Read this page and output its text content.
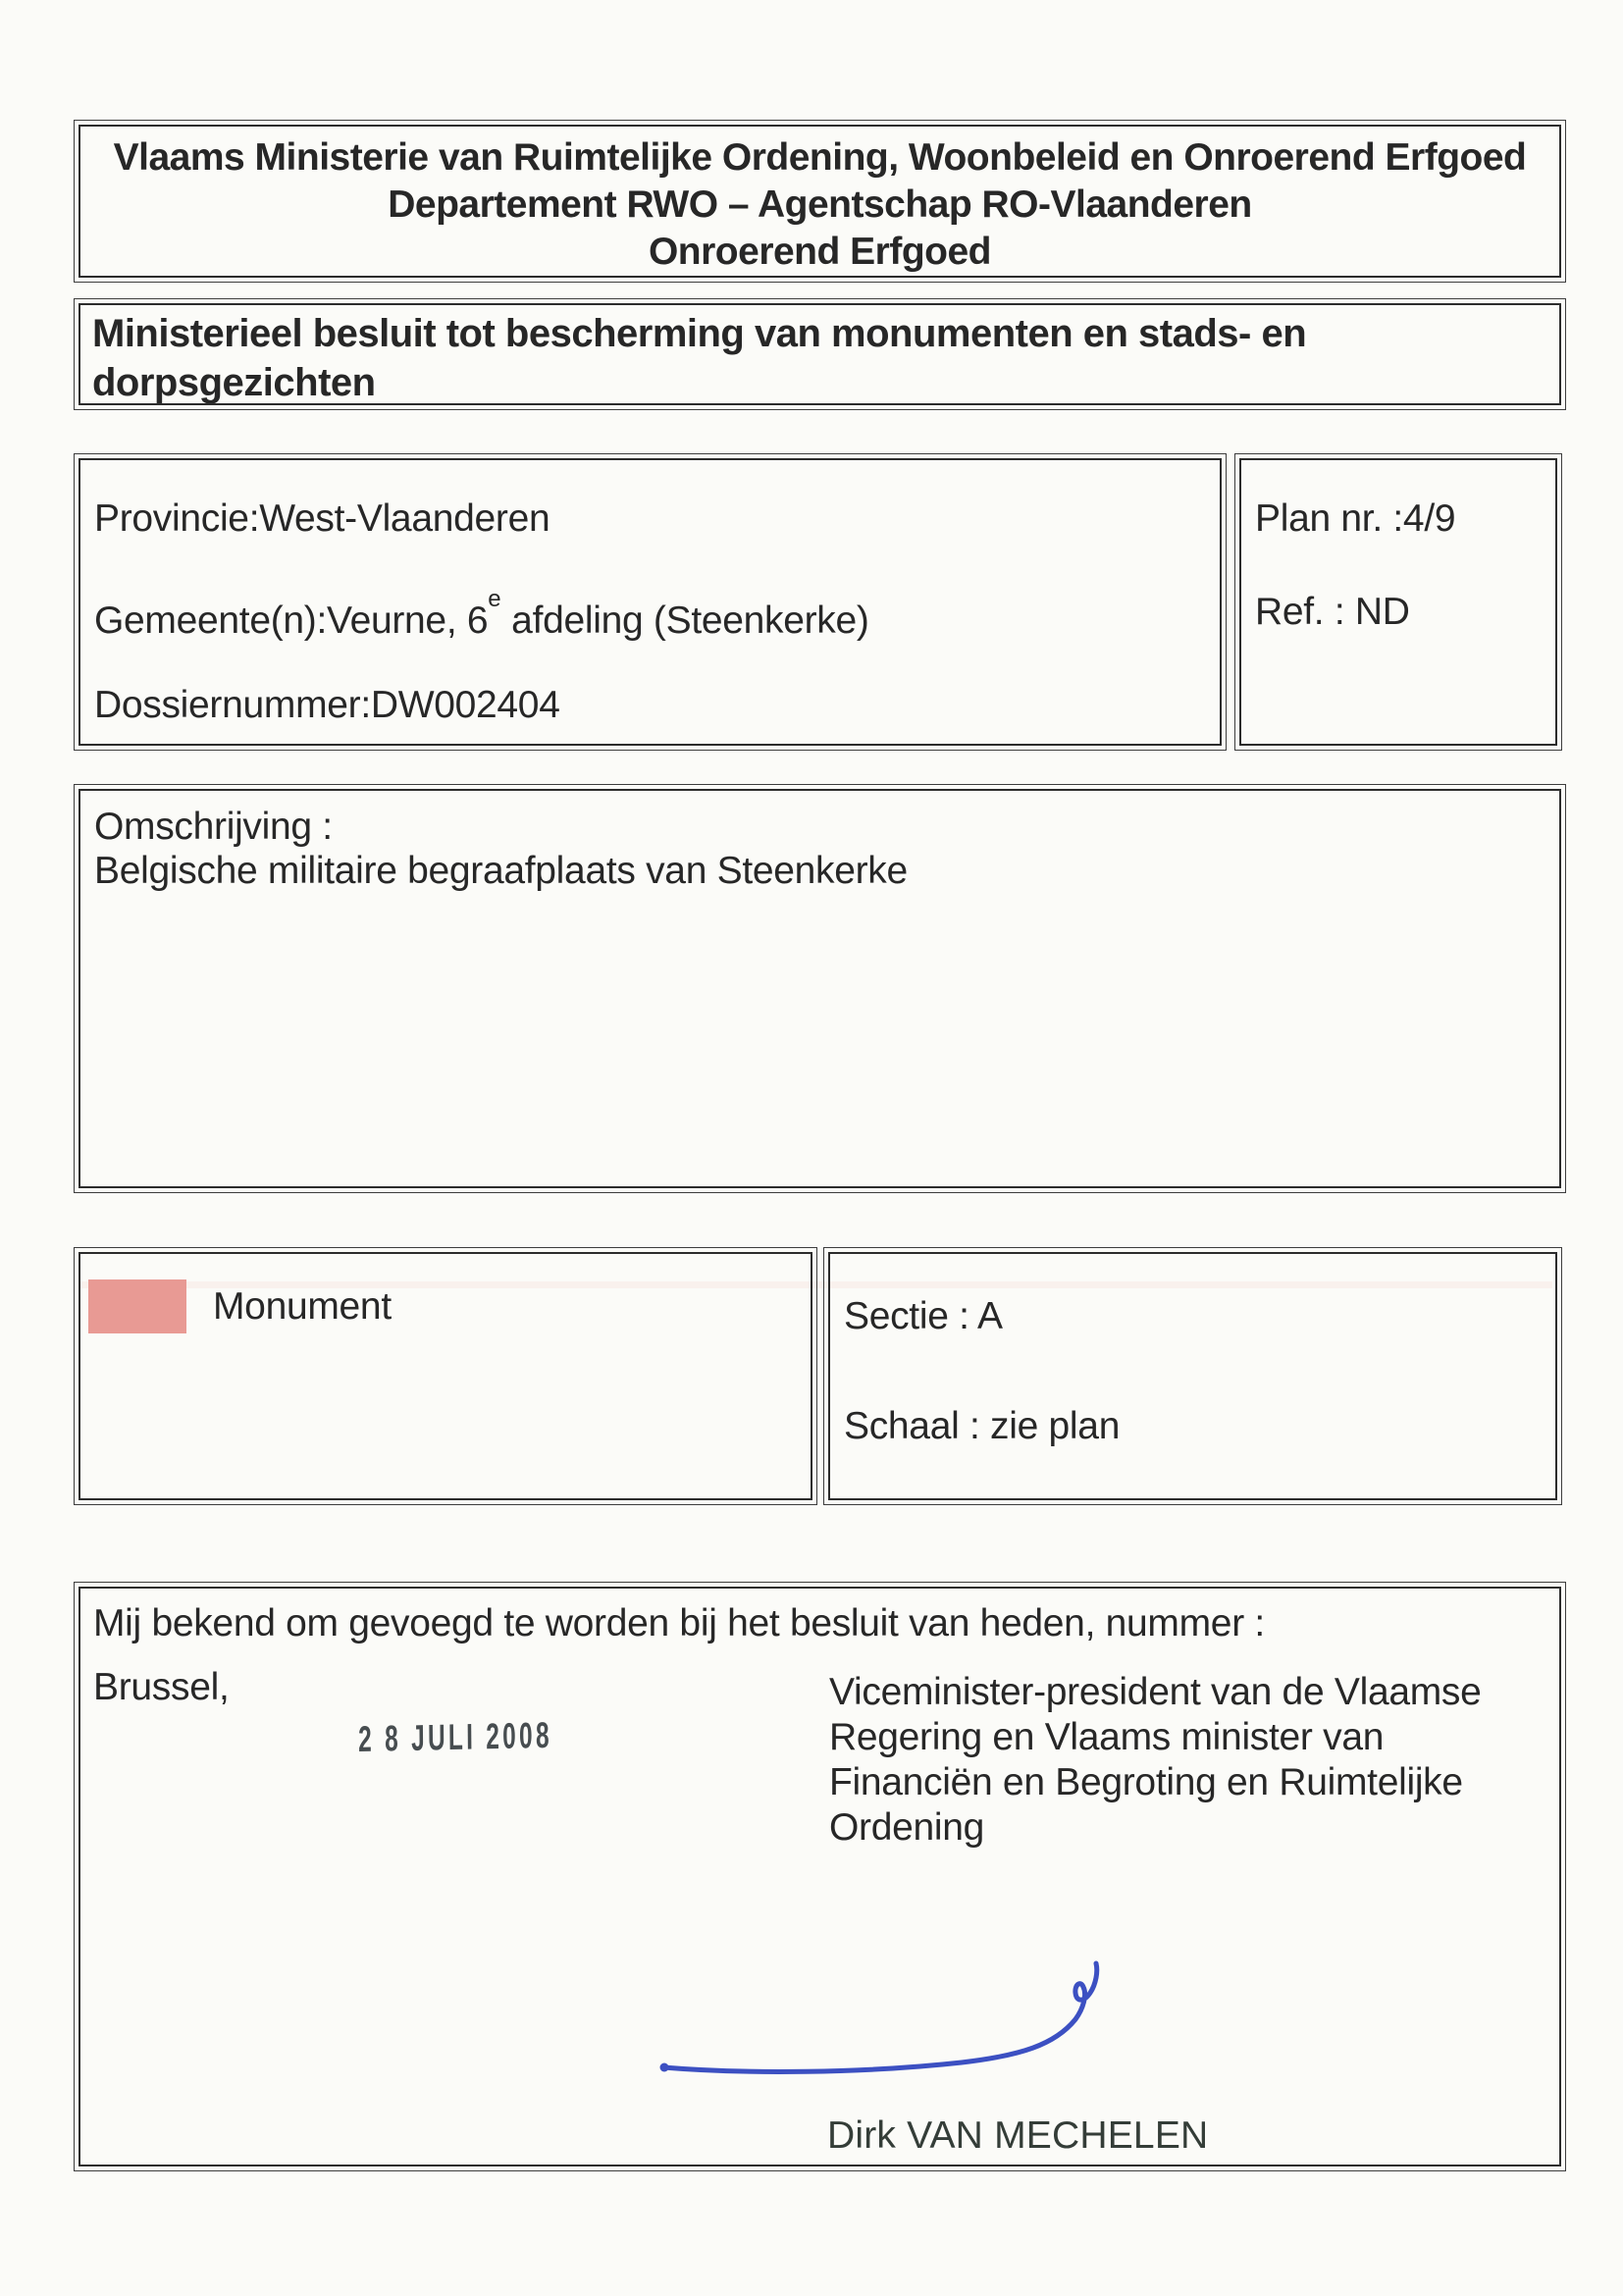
Vlaams Ministerie van Ruimtelijke Ordening, Woonbeleid en Onroerend Erfgoed
Departement RWO – Agentschap RO-Vlaanderen
Onroerend Erfgoed
Ministerieel besluit tot bescherming van monumenten en stads- en
dorpsgezichten
Provincie:West-Vlaanderen
Gemeente(n):Veurne, 6e afdeling (Steenkerke)
Dossiernummer:DW002404
Plan nr. :4/9
Ref. : ND
Omschrijving :
Belgische militaire begraafplaats van Steenkerke
Monument	Sectie : A
Schaal : zie plan
Mij bekend om gevoegd te worden bij het besluit van heden, nummer :
Brussel,
2 8 JULI 2008
Viceminister-president van de Vlaamse
Regering en Vlaams minister van
Financiën en Begroting en Ruimtelijke
Ordening
Dirk VAN MECHELEN
